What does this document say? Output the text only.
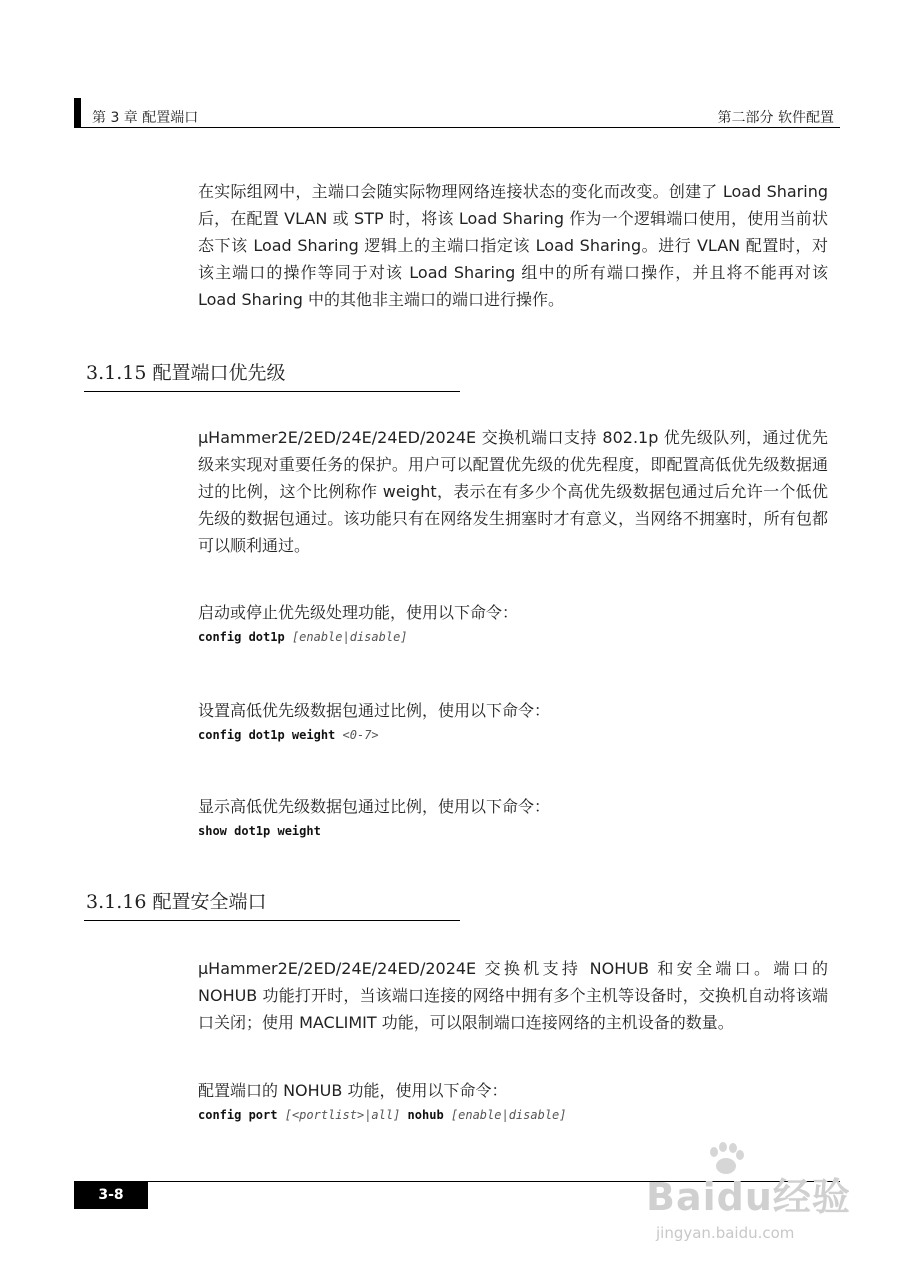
第 3 章 配置端口	第二部分 软件配置

在实际组网中，主端口会随实际物理网络连接状态的变化而改变。创建了 Load Sharing 后，在配置 VLAN 或 STP 时，将该 Load Sharing 作为一个逻辑端口使用，使用当前状态下该 Load Sharing 逻辑上的主端口指定该 Load Sharing。进行 VLAN 配置时，对该主端口的操作等同于对该 Load Sharing 组中的所有端口操作，并且将不能再对该 Load Sharing 中的其他非主端口的端口进行操作。

3.1.15 配置端口优先级

μHammer2E/2ED/24E/24ED/2024E 交换机端口支持 802.1p 优先级队列，通过优先级来实现对重要任务的保护。用户可以配置优先级的优先程度，即配置高低优先级数据通过的比例，这个比例称作 weight，表示在有多少个高优先级数据包通过后允许一个低优先级的数据包通过。该功能只有在网络发生拥塞时才有意义，当网络不拥塞时，所有包都可以顺利通过。

启动或停止优先级处理功能，使用以下命令：
config dot1p [enable|disable]
设置高低优先级数据包通过比例，使用以下命令：
config dot1p weight <0-7>
显示高低优先级数据包通过比例，使用以下命令：
show dot1p weight
3.1.16 配置安全端口

μHammer2E/2ED/24E/24ED/2024E 交换机支持 NOHUB 和安全端口。端口的 NOHUB 功能打开时，当该端口连接的网络中拥有多个主机等设备时，交换机自动将该端口关闭；使用 MACLIMIT 功能，可以限制端口连接网络的主机设备的数量。

配置端口的 NOHUB 功能，使用以下命令：
config port [<portlist>|all] nohub [enable|disable]
3-8	Baidu经验
jingyan.baidu.com
